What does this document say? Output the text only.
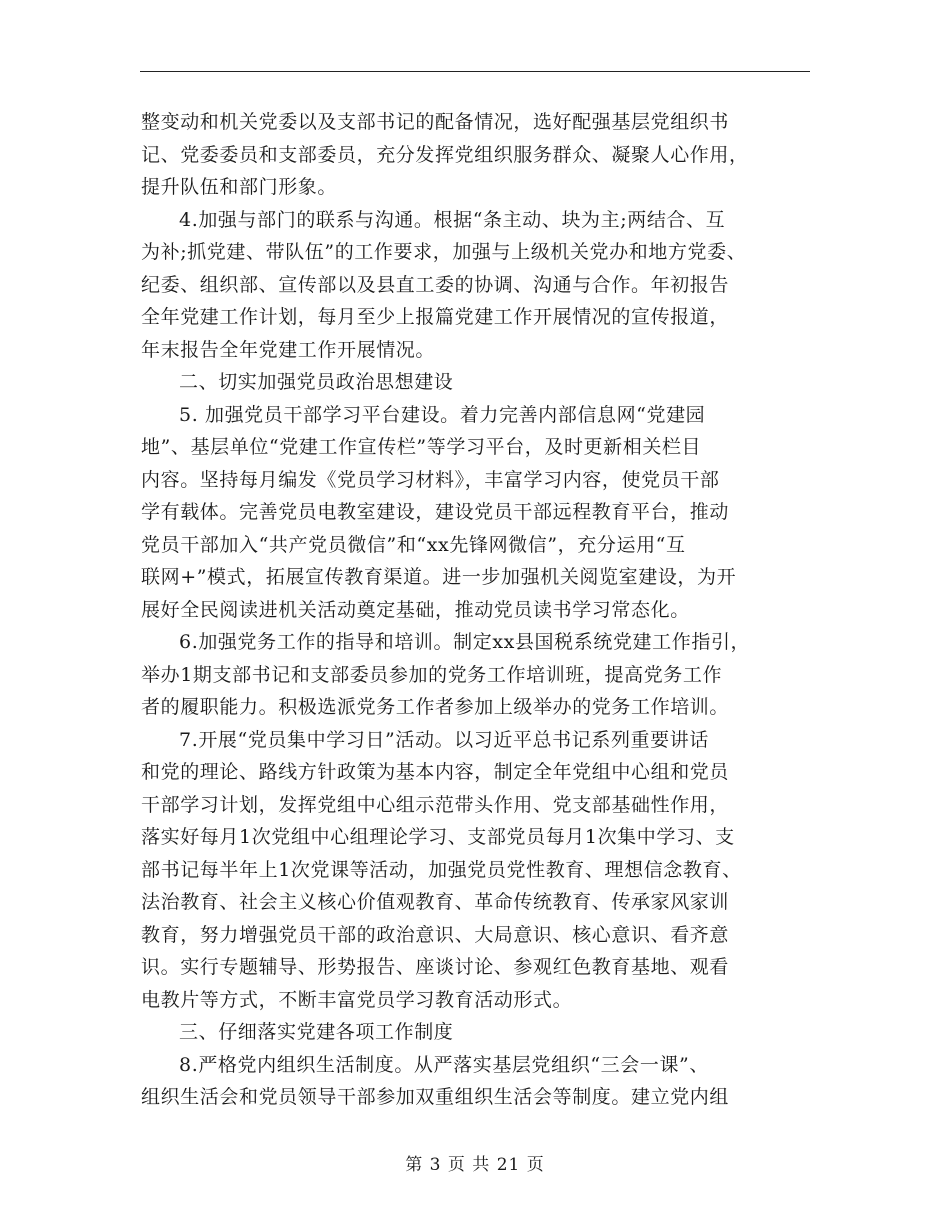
整变动和机关党委以及支部书记的配备情况，选好配强基层党组织书
记、党委委员和支部委员，充分发挥党组织服务群众、凝聚人心作用，
提升队伍和部门形象。
4.加强与部门的联系与沟通。根据“条主动、块为主;两结合、互
为补;抓党建、带队伍”的工作要求，加强与上级机关党办和地方党委、
纪委、组织部、宣传部以及县直工委的协调、沟通与合作。年初报告
全年党建工作计划，每月至少上报篇党建工作开展情况的宣传报道，
年末报告全年党建工作开展情况。
二、切实加强党员政治思想建设
5. 加强党员干部学习平台建设。着力完善内部信息网“党建园
地”、基层单位“党建工作宣传栏”等学习平台，及时更新相关栏目
内容。坚持每月编发《党员学习材料》，丰富学习内容，使党员干部
学有载体。完善党员电教室建设，建设党员干部远程教育平台，推动
党员干部加入“共产党员微信”和“xx先锋网微信”，充分运用“互
联网+”模式，拓展宣传教育渠道。进一步加强机关阅览室建设，为开
展好全民阅读进机关活动奠定基础，推动党员读书学习常态化。
6.加强党务工作的指导和培训。制定xx县国税系统党建工作指引，
举办1期支部书记和支部委员参加的党务工作培训班，提高党务工作
者的履职能力。积极选派党务工作者参加上级举办的党务工作培训。
7.开展“党员集中学习日”活动。以习近平总书记系列重要讲话
和党的理论、路线方针政策为基本内容，制定全年党组中心组和党员
干部学习计划，发挥党组中心组示范带头作用、党支部基础性作用，
落实好每月1次党组中心组理论学习、支部党员每月1次集中学习、支
部书记每半年上1次党课等活动，加强党员党性教育、理想信念教育、
法治教育、社会主义核心价值观教育、革命传统教育、传承家风家训
教育，努力增强党员干部的政治意识、大局意识、核心意识、看齐意
识。实行专题辅导、形势报告、座谈讨论、参观红色教育基地、观看
电教片等方式，不断丰富党员学习教育活动形式。
三、仔细落实党建各项工作制度
8.严格党内组织生活制度。从严落实基层党组织“三会一课”、
组织生活会和党员领导干部参加双重组织生活会等制度。建立党内组
第 3 页 共 21 页
